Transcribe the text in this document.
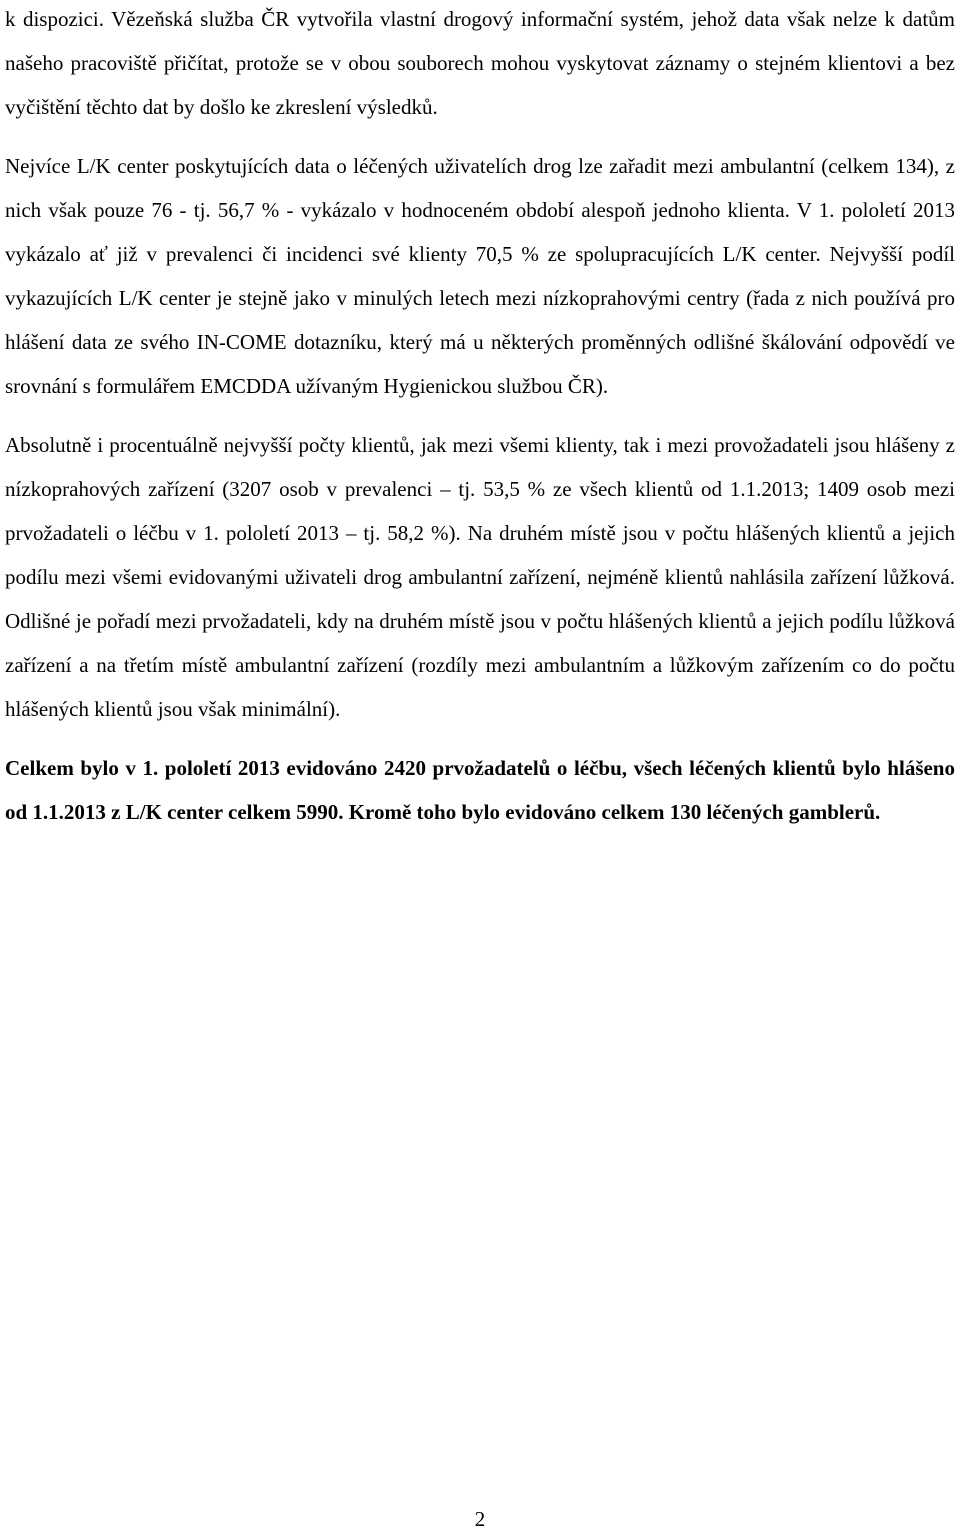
k dispozici. Vězeňská služba ČR vytvořila vlastní drogový informační systém, jehož data však nelze k datům našeho pracoviště přičítat, protože se v obou souborech mohou vyskytovat záznamy o stejném klientovi a bez vyčištění těchto dat by došlo ke zkreslení výsledků.

Nejvíce L/K center poskytujících data o léčených uživatelích drog lze zařadit mezi ambulantní (celkem 134), z nich však pouze 76 - tj. 56,7 % - vykázalo v hodnoceném období alespoň jednoho klienta. V 1. pololetí 2013 vykázalo ať již v prevalenci či incidenci své klienty 70,5 % ze spolupracujících L/K center. Nejvyšší podíl vykazujících L/K center je stejně jako v minulých letech mezi nízkoprahovými centry (řada z nich používá pro hlášení data ze svého IN-COME dotazníku, který má u některých proměnných odlišné škálování odpovědí ve srovnání s formulářem EMCDDA užívaným Hygienickou službou ČR).

Absolutně i procentuálně nejvyšší počty klientů, jak mezi všemi klienty, tak i mezi provožadateli jsou hlášeny z nízkoprahových zařízení (3207 osob v prevalenci – tj. 53,5 % ze všech klientů od 1.1.2013; 1409 osob mezi prvožadateli o léčbu v 1. pololetí 2013 – tj. 58,2 %). Na druhém místě jsou v počtu hlášených klientů a jejich podílu mezi všemi evidovanými uživateli drog ambulantní zařízení, nejméně klientů nahlásila zařízení lůžková. Odlišné je pořadí mezi prvožadateli, kdy na druhém místě jsou v počtu hlášených klientů a jejich podílu lůžková zařízení a na třetím místě ambulantní zařízení (rozdíly mezi ambulantním a lůžkovým zařízením co do počtu hlášených klientů jsou však minimální).

Celkem bylo v 1. pololetí 2013 evidováno 2420 prvožadatelů o léčbu, všech léčených klientů bylo hlášeno od 1.1.2013 z L/K center celkem 5990. Kromě toho bylo evidováno celkem 130 léčených gamblerů.

2
